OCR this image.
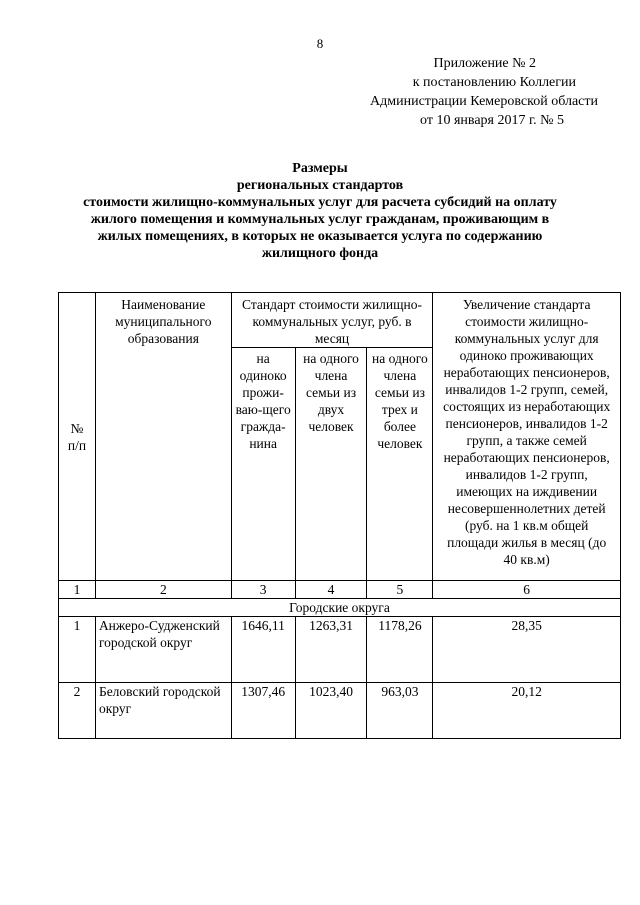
8
Приложение № 2
к постановлению Коллегии
Администрации Кемеровской области
от 10 января 2017 г. № 5
Размеры
региональных стандартов
стоимости жилищно-коммунальных услуг для расчета субсидий на оплату
жилого помещения и коммунальных услуг гражданам, проживающим в
жилых помещениях, в которых не оказывается услуга по содержанию
жилищного фонда
№ п/п	Наименование муниципального образования	Стандарт стоимости жилищно-коммунальных услуг, руб. в месяц			Увеличение стандарта стоимости жилищно-коммунальных услуг для одиноко проживающих неработающих пенсионеров, инвалидов 1-2 групп, семей, состоящих из неработающих пенсионеров, инвалидов 1-2 групп, а также семей неработающих пенсионеров, инвалидов 1-2 групп, имеющих на иждивении несовершеннолетних детей (руб. на 1 кв.м общей площади жилья в месяц (до 40 кв.м)
		на одиноко прожи-ваю-щего гражда-нина	на одного члена семьи из двух человек	на одного члена семьи из трех и более человек	
1	2	3	4	5	6
Городские округа					
1	Анжеро-Судженский городской округ	1646,11	1263,31	1178,26	28,35
2	Беловский городской округ	1307,46	1023,40	963,03	20,12
